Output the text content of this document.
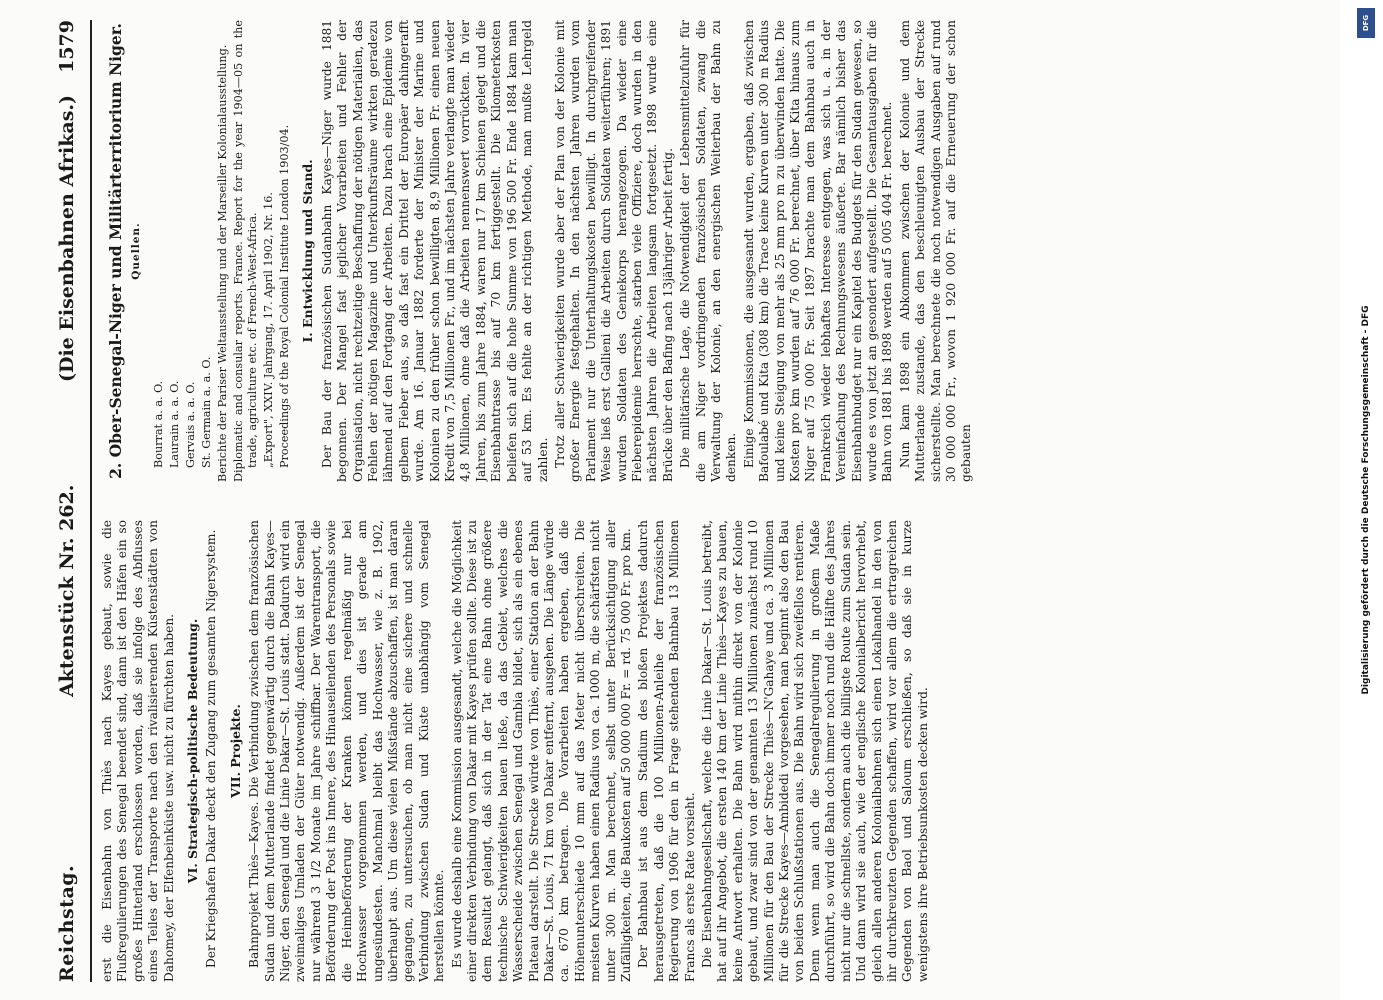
Reichstag.
Aktenstück Nr. 262.
(Die Eisenbahnen Afrikas.)
1579

erst die Eisenbahn von Thiès nach Kayes gebaut, sowie die Flußregulierungen des Senegal beendet sind, dann ist den Häfen ein so großes Hinterland erschlossen worden, daß sie infolge des Abflusses eines Teiles der Transporte nach den rivalisierenden Küstenstädten von Dahomey, der Elfenbeinküste usw. nicht zu fürchten haben. VI. Strategisch-politische Bedeutung. Der Kriegshafen Dakar deckt den Zugang zum gesamten Nigersystem. VII. Projekte. Bahnprojekt Thiès—Kayes. Die Verbindung zwischen dem französischen Sudan und dem Mutterlande findet gegenwärtig durch die Bahn Kayes—Niger, den Senegal und die Linie Dakar—St. Louis statt. Dadurch wird ein zweimaliges Umladen der Güter notwendig. Außerdem ist der Senegal nur während 3 1/2 Monate im Jahre schiffbar. Der Warentransport, die Beförderung der Post ins Innere, des Hinauseilenden des Personals sowie die Heimbeförderung der Kranken können regelmäßig nur bei Hochwasser vorgenommen werden, und dies ist gerade am ungesündesten. Manchmal bleibt das Hochwasser, wie z. B. 1902, überhaupt aus. Um diese vielen Mißstände abzuschaffen, ist man daran gegangen, zu untersuchen, ob man nicht eine sichere und schnelle Verbindung zwischen Sudan und Küste unabhängig vom Senegal herstellen könnte. Es wurde deshalb eine Kommission ausgesandt, welche die Möglichkeit einer direkten Verbindung von Dakar mit Kayes prüfen sollte. Diese ist zu dem Resultat gelangt, daß sich in der Tat eine Bahn ohne größere technische Schwierigkeiten bauen ließe, da das Gebiet, welches die Wasserscheide zwischen Senegal und Gambia bildet, sich als ein ebenes Plateau darstellt. Die Strecke würde von Thiès, einer Station an der Bahn Dakar—St. Louis, 71 km von Dakar entfernt, ausgehen. Die Länge würde ca. 670 km betragen. Die Vorarbeiten haben ergeben, daß die Höhenunterschiede 10 mm auf das Meter nicht überschreiten. Die meisten Kurven haben einen Radius von ca. 1000 m, die schärfsten nicht unter 300 m. Man berechnet, selbst unter Berücksichtigung aller Zufälligkeiten, die Baukosten auf 50 000 000 Fr. = rd. 75 000 Fr. pro km. Der Bahnbau ist aus dem Stadium des bloßen Projektes dadurch herausgetreten, daß die 100 Millionen-Anleihe der französischen Regierung von 1906 für den in Frage stehenden Bahnbau 13 Millionen Francs als erste Rate vorsieht. Die Eisenbahngesellschaft, welche die Linie Dakar—St. Louis betreibt, hat auf ihr Angebot, die ersten 140 km der Linie Thiès—Kayes zu bauen, keine Antwort erhalten. Die Bahn wird mithin direkt von der Kolonie gebaut, und zwar sind von der genannten 13 Millionen zunächst rund 10 Millionen für den Bau der Strecke Thiès—N'Gahaye und ca. 3 Millionen für die Strecke Kayes—Ambidedi vorgesehen, man beginnt also den Bau von beiden Schlußstationen aus. Die Bahn wird sich zweifellos rentieren. Denn wenn man auch die Senegalregulierung in großem Maße durchführt, so wird die Bahn doch immer noch rund die Hälfte des Jahres nicht nur die schnellste, sondern auch die billigste Route zum Sudan sein. Und dann wird sie auch, wie der englische Kolonialbericht hervorhebt, gleich allen anderen Kolonialbahnen sich einen Lokalhandel in den von ihr durchkreuzten Gegenden schaffen, wird vor allem die ertragreichen Gegenden von Baol und Saloum erschließen, so daß sie in kurze wenigstens ihre Betriebsunkosten decken wird.

2. Ober-Senegal-Niger und Militärterritorium Niger. Quellen.

Bourrat a. a. O. Laurain a. a. O. Gervais a. a. O. St. Germain a. a. O. Berichte der Pariser Weltausstellung und der Marseiller Kolonialausstellung. Diplomatic and consular reports. France. Report for the year 1904—05 on the trade, agriculture etc. of French-West-Africa. „Export", XXIV. Jahrgang, 17. April 1902, Nr. 16. Proceedings of the Royal Colonial Institute London 1903/04. I. Entwicklung und Stand. Der Bau der französischen Sudanbahn Kayes—Niger wurde 1881 begonnen. Der Mangel fast jeglicher Vorarbeiten und Fehler der Organisation, nicht rechtzeitige Beschaffung der nötigen Materialien, das Fehlen der nötigen Magazine und Unterkunftsräume wirkten geradezu lähmend auf den Fortgang der Arbeiten. Dazu brach eine Epidemie von gelbem Fieber aus, so daß fast ein Drittel der Europäer dahingerafft wurde. Am 16. Januar 1882 forderte der Minister der Marine und Kolonien zu den früher schon bewilligten 8,9 Millionen Fr. einen neuen Kredit von 7,5 Millionen Fr., und im nächsten Jahre verlangte man wieder 4,8 Millionen, ohne daß die Arbeiten nennenswert vorrückten. In vier Jahren, bis zum Jahre 1884, waren nur 17 km Schienen gelegt und die Eisenbahntrasse bis auf 70 km fertiggestellt. Die Kilometerkosten beliefen sich auf die hohe Summe von 196 500 Fr. Ende 1884 kam man auf 53 km. Es fehlte an der richtigen Methode, man mußte Lehrgeld zahlen. Trotz aller Schwierigkeiten wurde aber der Plan von der Kolonie mit großer Energie festgehalten. In den nächsten Jahren wurden vom Parlament nur die Unterhaltungskosten bewilligt. In durchgreifender Weise ließ erst Gallieni die Arbeiten durch Soldaten weiterführen; 1891 wurden Soldaten des Geniekorps herangezogen. Da wieder eine Fieberepidemie herrschte, starben viele Offiziere, doch wurden in den nächsten Jahren die Arbeiten langsam fortgesetzt. 1898 wurde eine Brücke über den Bafing nach 13jähriger Arbeit fertig. Die militärische Lage, die Notwendigkeit der Lebensmittelzufuhr für die am Niger vordringenden französischen Soldaten, zwang die Verwaltung der Kolonie, an den energischen Weiterbau der Bahn zu denken. Einige Kommissionen, die ausgesandt wurden, ergaben, daß zwischen Bafoulabé und Kita (308 km) die Trace keine Kurven unter 300 m Radius und keine Steigung von mehr als 25 mm pro m zu überwinden hatte. Die Kosten pro km wurden auf 76 000 Fr. berechnet, über Kita hinaus zum Niger auf 75 000 Fr. Seit 1897 brachte man dem Bahnbau auch in Frankreich wieder lebhaftes Interesse entgegen, was sich u. a. in der Vereinfachung des Rechnungswesens äußerte. Bar nämlich bisher das Eisenbahnbudget nur ein Kapitel des Budgets für den Sudan gewesen, so wurde es von jetzt an gesondert aufgestellt. Die Gesamtausgaben für die Bahn von 1881 bis 1898 werden auf 5 005 404 Fr. berechnet. Nun kam 1898 ein Abkommen zwischen der Kolonie und dem Mutterlande zustande, das den beschleunigten Ausbau der Strecke sicherstellte. Man berechnete die noch notwendigen Ausgaben auf rund 30 000 000 Fr., wovon 1 920 000 Fr. auf die Erneuerung der schon gebauten

DFG
Digitalisierung gefördert durch die Deutsche Forschungsgemeinschaft - DFG
